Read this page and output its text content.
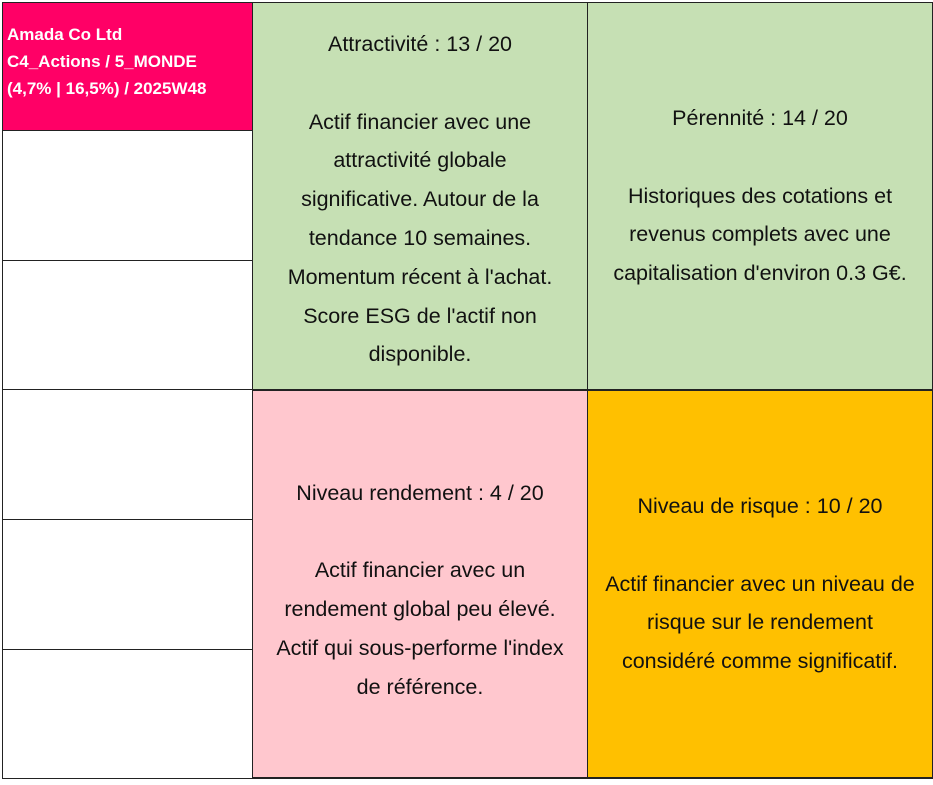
Amada Co Ltd
C4_Actions / 5_MONDE
(4,7% | 16,5%) / 2025W48
Attractivité : 13 / 20
Actif financier avec une
attractivité globale
significative. Autour de la
tendance 10 semaines.
Momentum récent à l'achat.
Score ESG de l'actif non
disponible.
Pérennité : 14 / 20
Historiques des cotations et
revenus complets avec une
capitalisation d'environ 0.3 G€.
Niveau rendement : 4 / 20
Actif financier avec un
rendement global peu élevé.
Actif qui sous-performe l'index
de référence.
Niveau de risque : 10 / 20
Actif financier avec un niveau de
risque sur le rendement
considéré comme significatif.
